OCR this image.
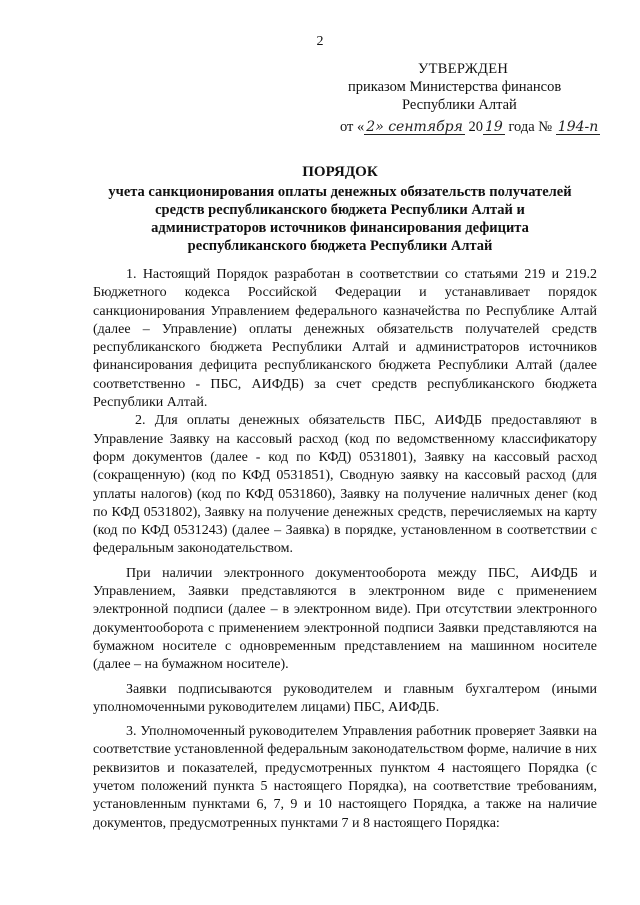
2
УТВЕРЖДЕН
приказом Министерства финансов
Республики Алтай
от « 2» сентября 20 19 года № 194-п
ПОРЯДОК
учета санкционирования оплаты денежных обязательств получателей
средств республиканского бюджета Республики Алтай и
администраторов источников финансирования дефицита
республиканского бюджета Республики Алтай

1. Настоящий Порядок разработан в соответствии со статьями 219 и 219.2 Бюджетного кодекса Российской Федерации и устанавливает порядок санкционирования Управлением федерального казначейства по Республике Алтай (далее – Управление) оплаты денежных обязательств получателей средств республиканского бюджета Республики Алтай и администраторов источников финансирования дефицита республиканского бюджета Республики Алтай (далее соответственно - ПБС, АИФДБ) за счет средств республиканского бюджета Республики Алтай.

2. Для оплаты денежных обязательств ПБС, АИФДБ предоставляют в Управление Заявку на кассовый расход (код по ведомственному классификатору форм документов (далее - код по КФД) 0531801), Заявку на кассовый расход (сокращенную) (код по КФД 0531851), Сводную заявку на кассовый расход (для уплаты налогов) (код по КФД 0531860), Заявку на получение наличных денег (код по КФД 0531802), Заявку на получение денежных средств, перечисляемых на карту (код по КФД 0531243) (далее – Заявка) в порядке, установленном в соответствии с федеральным законодательством.

При наличии электронного документооборота между ПБС, АИФДБ и Управлением, Заявки представляются в электронном виде с применением электронной подписи (далее – в электронном виде). При отсутствии электронного документооборота с применением электронной подписи Заявки представляются на бумажном носителе с одновременным представлением на машинном носителе (далее – на бумажном носителе).

Заявки подписываются руководителем и главным бухгалтером (иными уполномоченными руководителем лицами) ПБС, АИФДБ.

3. Уполномоченный руководителем Управления работник проверяет Заявки на соответствие установленной федеральным законодательством форме, наличие в них реквизитов и показателей, предусмотренных пунктом 4 настоящего Порядка (с учетом положений пункта 5 настоящего Порядка), на соответствие требованиям, установленным пунктами 6, 7, 9 и 10 настоящего Порядка, а также на наличие документов, предусмотренных пунктами 7 и 8 настоящего Порядка:
